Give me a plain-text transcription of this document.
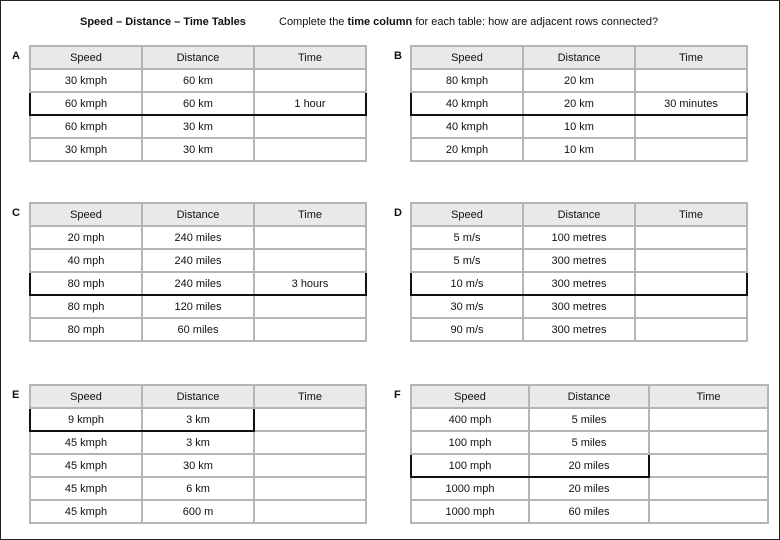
Speed – Distance – Time Tables	Complete the time column for each table: how are adjacent rows connected?
A	Speed	Distance	Time
30 kmph	60 km	
60 kmph	60 km	1 hour
60 kmph	30 km	
30 kmph	30 km	
B	Speed	Distance	Time
80 kmph	20 km	
40 kmph	20 km	30 minutes
40 kmph	10 km	
20 kmph	10 km	
C	Speed	Distance	Time
20 mph	240 miles	
40 mph	240 miles	
80 mph	240 miles	3 hours
80 mph	120 miles	
80 mph	60 miles	
D	Speed	Distance	Time
5 m/s	100 metres	
5 m/s	300 metres	
10 m/s	300 metres	
30 m/s	300 metres	
90 m/s	300 metres	
E	Speed	Distance	Time
9 kmph	3 km	
45 kmph	3 km	
45 kmph	30 km	
45 kmph	6 km	
45 kmph	600 m	
F	Speed	Distance	Time
400 mph	5 miles	
100 mph	5 miles	
100 mph	20 miles	
1000 mph	20 miles	
1000 mph	60 miles	
